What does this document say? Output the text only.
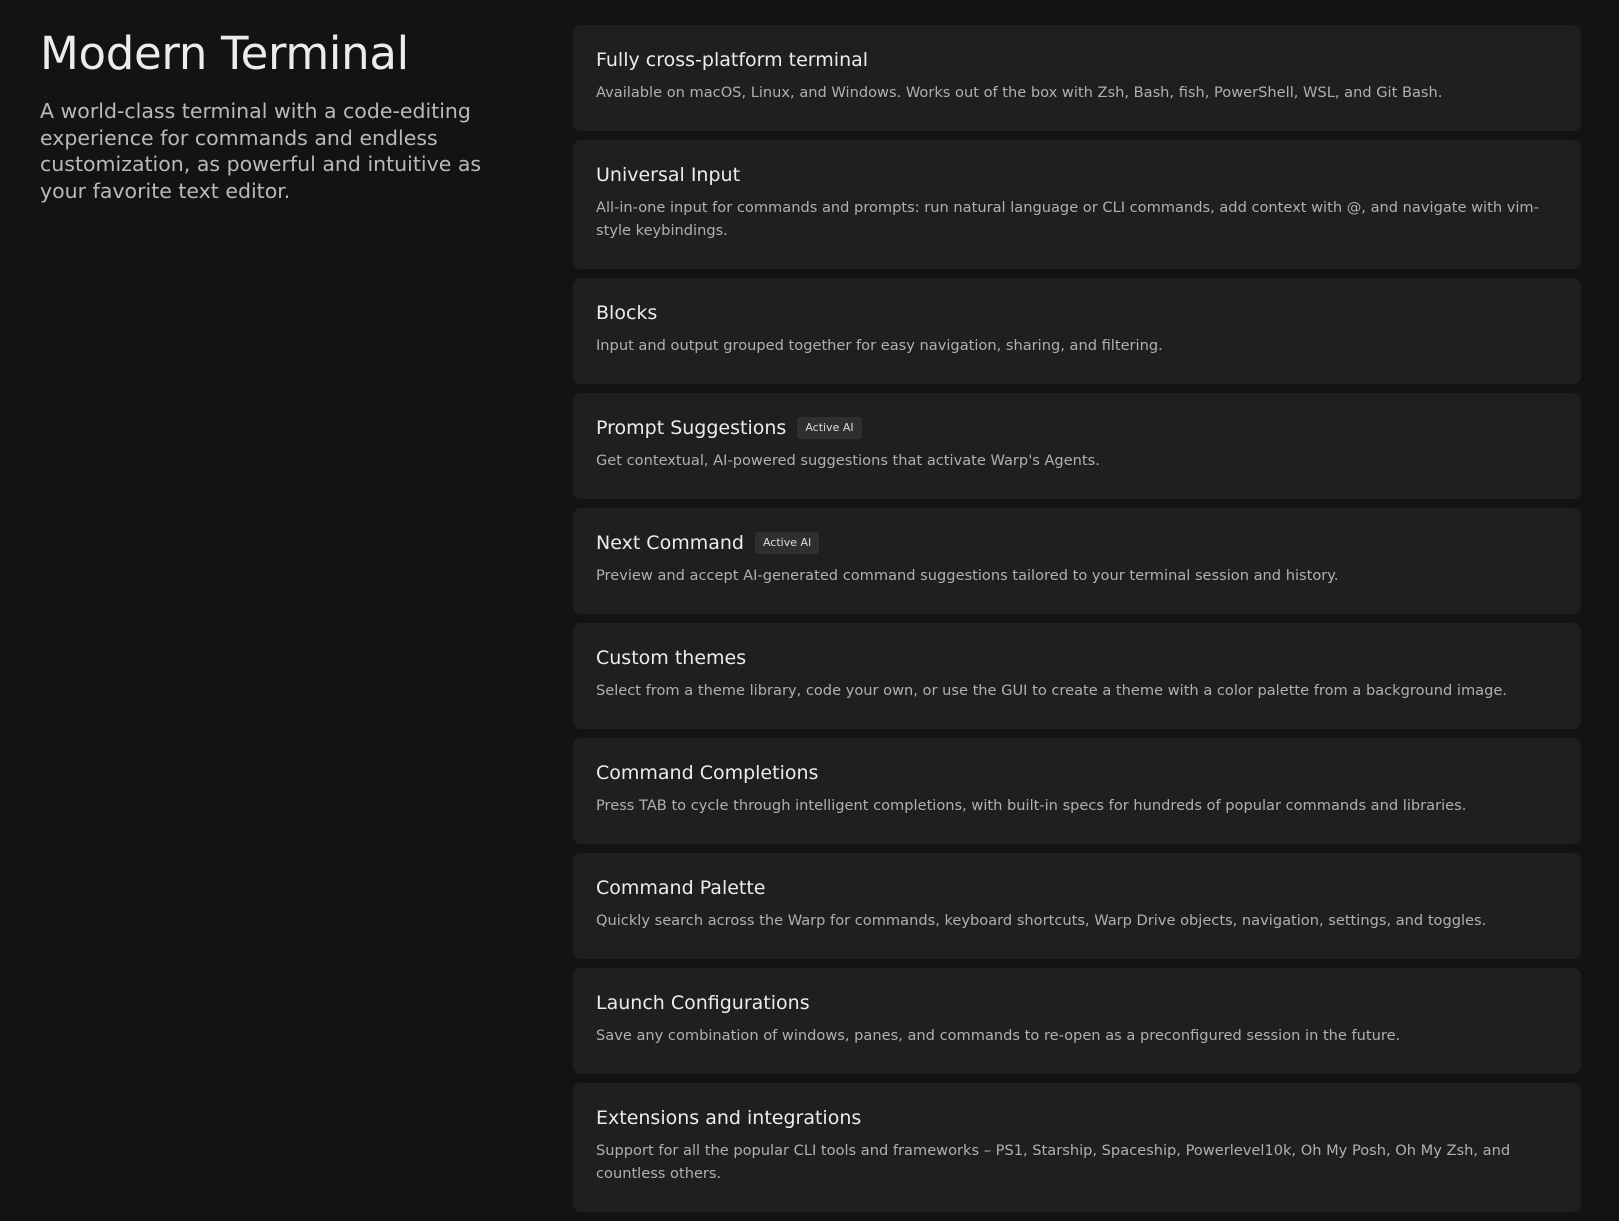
Modern Terminal

A world-class terminal with a code-editing experience for commands and endless customization, as powerful and intuitive as your favorite text editor.

Fully cross-platform terminal
Available on macOS, Linux, and Windows. Works out of the box with Zsh, Bash, fish, PowerShell, WSL, and Git Bash.
Universal Input
All-in-one input for commands and prompts: run natural language or CLI commands, add context with @, and navigate with vim-style keybindings.
Blocks
Input and output grouped together for easy navigation, sharing, and filtering.
Prompt Suggestions	Active AI
Get contextual, AI-powered suggestions that activate Warp's Agents.
Next Command	Active AI
Preview and accept AI-generated command suggestions tailored to your terminal session and history.
Custom themes
Select from a theme library, code your own, or use the GUI to create a theme with a color palette from a background image.
Command Completions
Press TAB to cycle through intelligent completions, with built-in specs for hundreds of popular commands and libraries.
Command Palette
Quickly search across the Warp for commands, keyboard shortcuts, Warp Drive objects, navigation, settings, and toggles.
Launch Configurations
Save any combination of windows, panes, and commands to re-open as a preconfigured session in the future.
Extensions and integrations
Support for all the popular CLI tools and frameworks – PS1, Starship, Spaceship, Powerlevel10k, Oh My Posh, Oh My Zsh, and countless others.
